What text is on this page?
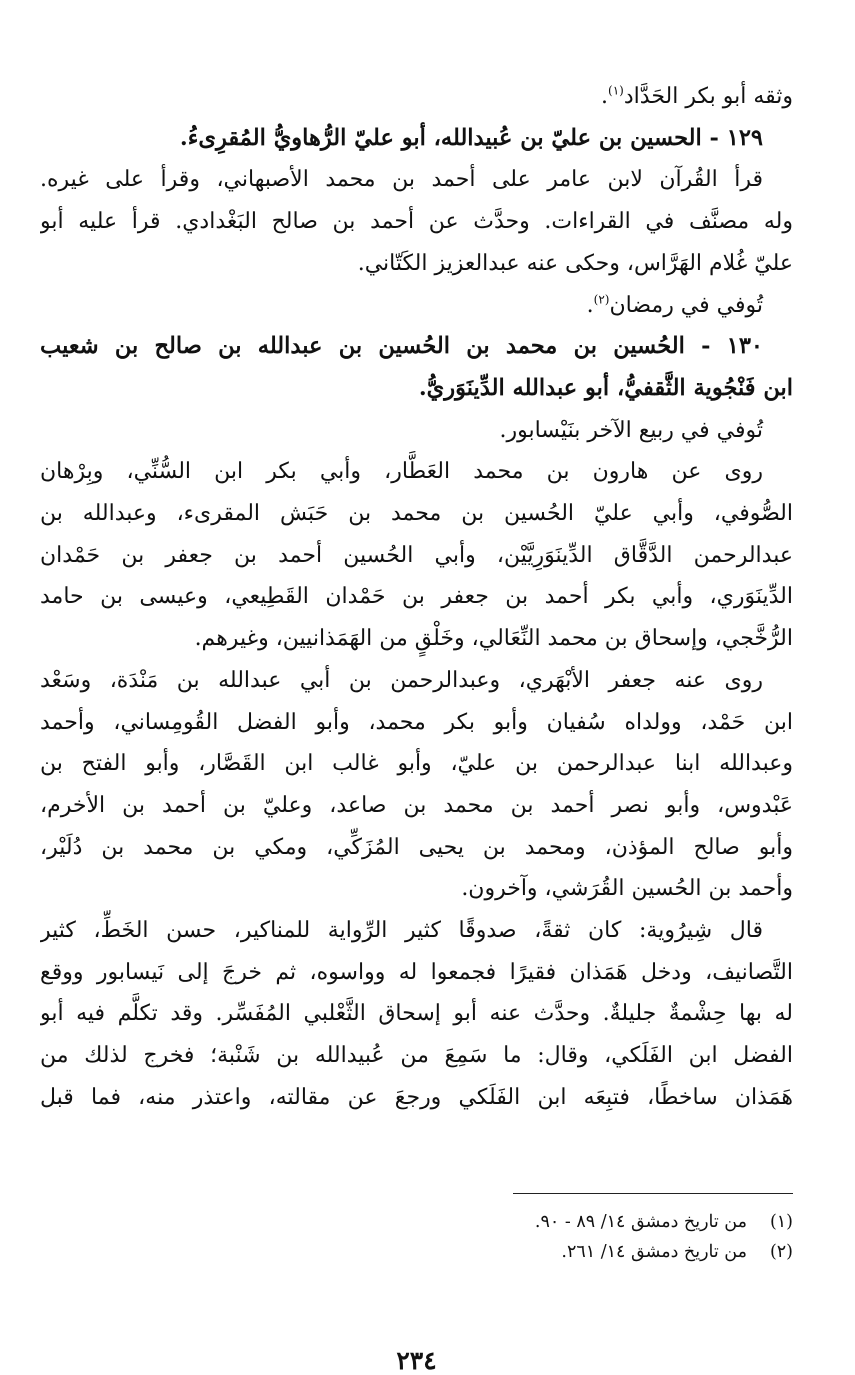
وثقه أبو بكر الحَدَّاد$^{(١)}$.
١٢٩ - الحسين بن عليّ بن عُبيدالله، أبو عليّ الرُّهاويُّ المُقرِىءُ.
قرأ القُرآن لابن عامر على أحمد بن محمد الأصبهاني، وقرأ على غيره.
وله مصنَّف في القراءات. وحدَّث عن أحمد بن صالح البَغْدادي. قرأ عليه أبو
عليّ غُلام الهَرَّاس، وحكى عنه عبدالعزيز الكَتّاني.
تُوفي في رمضان$^{(٢)}$.
١٣٠ - الحُسين بن محمد بن الحُسين بن عبدالله بن صالح بن شعيب
ابن فَنْجُوية الثَّقفيُّ، أبو عبدالله الدِّينَوَريُّ.
تُوفي في ربيع الآخر بنَيْسابور.
روى عن هارون بن محمد العَطَّار، وأبي بكر ابن السُّنِّي، وبِرْهان
الصُّوفي، وأبي عليّ الحُسين بن محمد بن حَبَش المقرىء، وعبدالله بن
عبدالرحمن الدَّقَّاق الدِّينَوَرِيَّيْن، وأبي الحُسين أحمد بن جعفر بن حَمْدان
الدِّينَوَري، وأبي بكر أحمد بن جعفر بن حَمْدان القَطِيعي، وعيسى بن حامد
الرُّخَّجي، وإسحاق بن محمد النِّعَالي، وخَلْقٍ من الهَمَذانيين، وغيرهم.
روى عنه جعفر الأبْهَري، وعبدالرحمن بن أبي عبدالله بن مَنْدَة، وسَعْد
ابن حَمْد، وولداه سُفيان وأبو بكر محمد، وأبو الفضل القُومِساني، وأحمد
وعبدالله ابنا عبدالرحمن بن عليّ، وأبو غالب ابن القَصَّار، وأبو الفتح بن
عَبْدوس، وأبو نصر أحمد بن محمد بن صاعد، وعليّ بن أحمد بن الأخرم،
وأبو صالح المؤذن، ومحمد بن يحيى المُزَكِّي، ومكي بن محمد بن دُلَيْر،
وأحمد بن الحُسين القُرَشي، وآخرون.
قال شِيرُوية: كان ثقةً، صدوقًا كثير الرِّواية للمناكير، حسن الخَطِّ، كثير
التَّصانيف، ودخل هَمَذان فقيرًا فجمعوا له وواسوه، ثم خرجَ إلى نَيسابور ووقع
له بها حِشْمةٌ جليلةٌ. وحدَّث عنه أبو إسحاق الثَّعْلبي المُفَسِّر. وقد تكلَّم فيه أبو
الفضل ابن الفَلَكي، وقال: ما سَمِعَ من عُبيدالله بن شَنْبة؛ فخرج لذلك من
هَمَذان ساخطًا، فتبِعَه ابن الفَلَكي ورجعَ عن مقالته، واعتذر منه، فما قبل
(١)من تاريخ دمشق ١٤/ ٨٩ - ٩٠.
(٢)من تاريخ دمشق ١٤/ ٢٦١.
٢٣٤
